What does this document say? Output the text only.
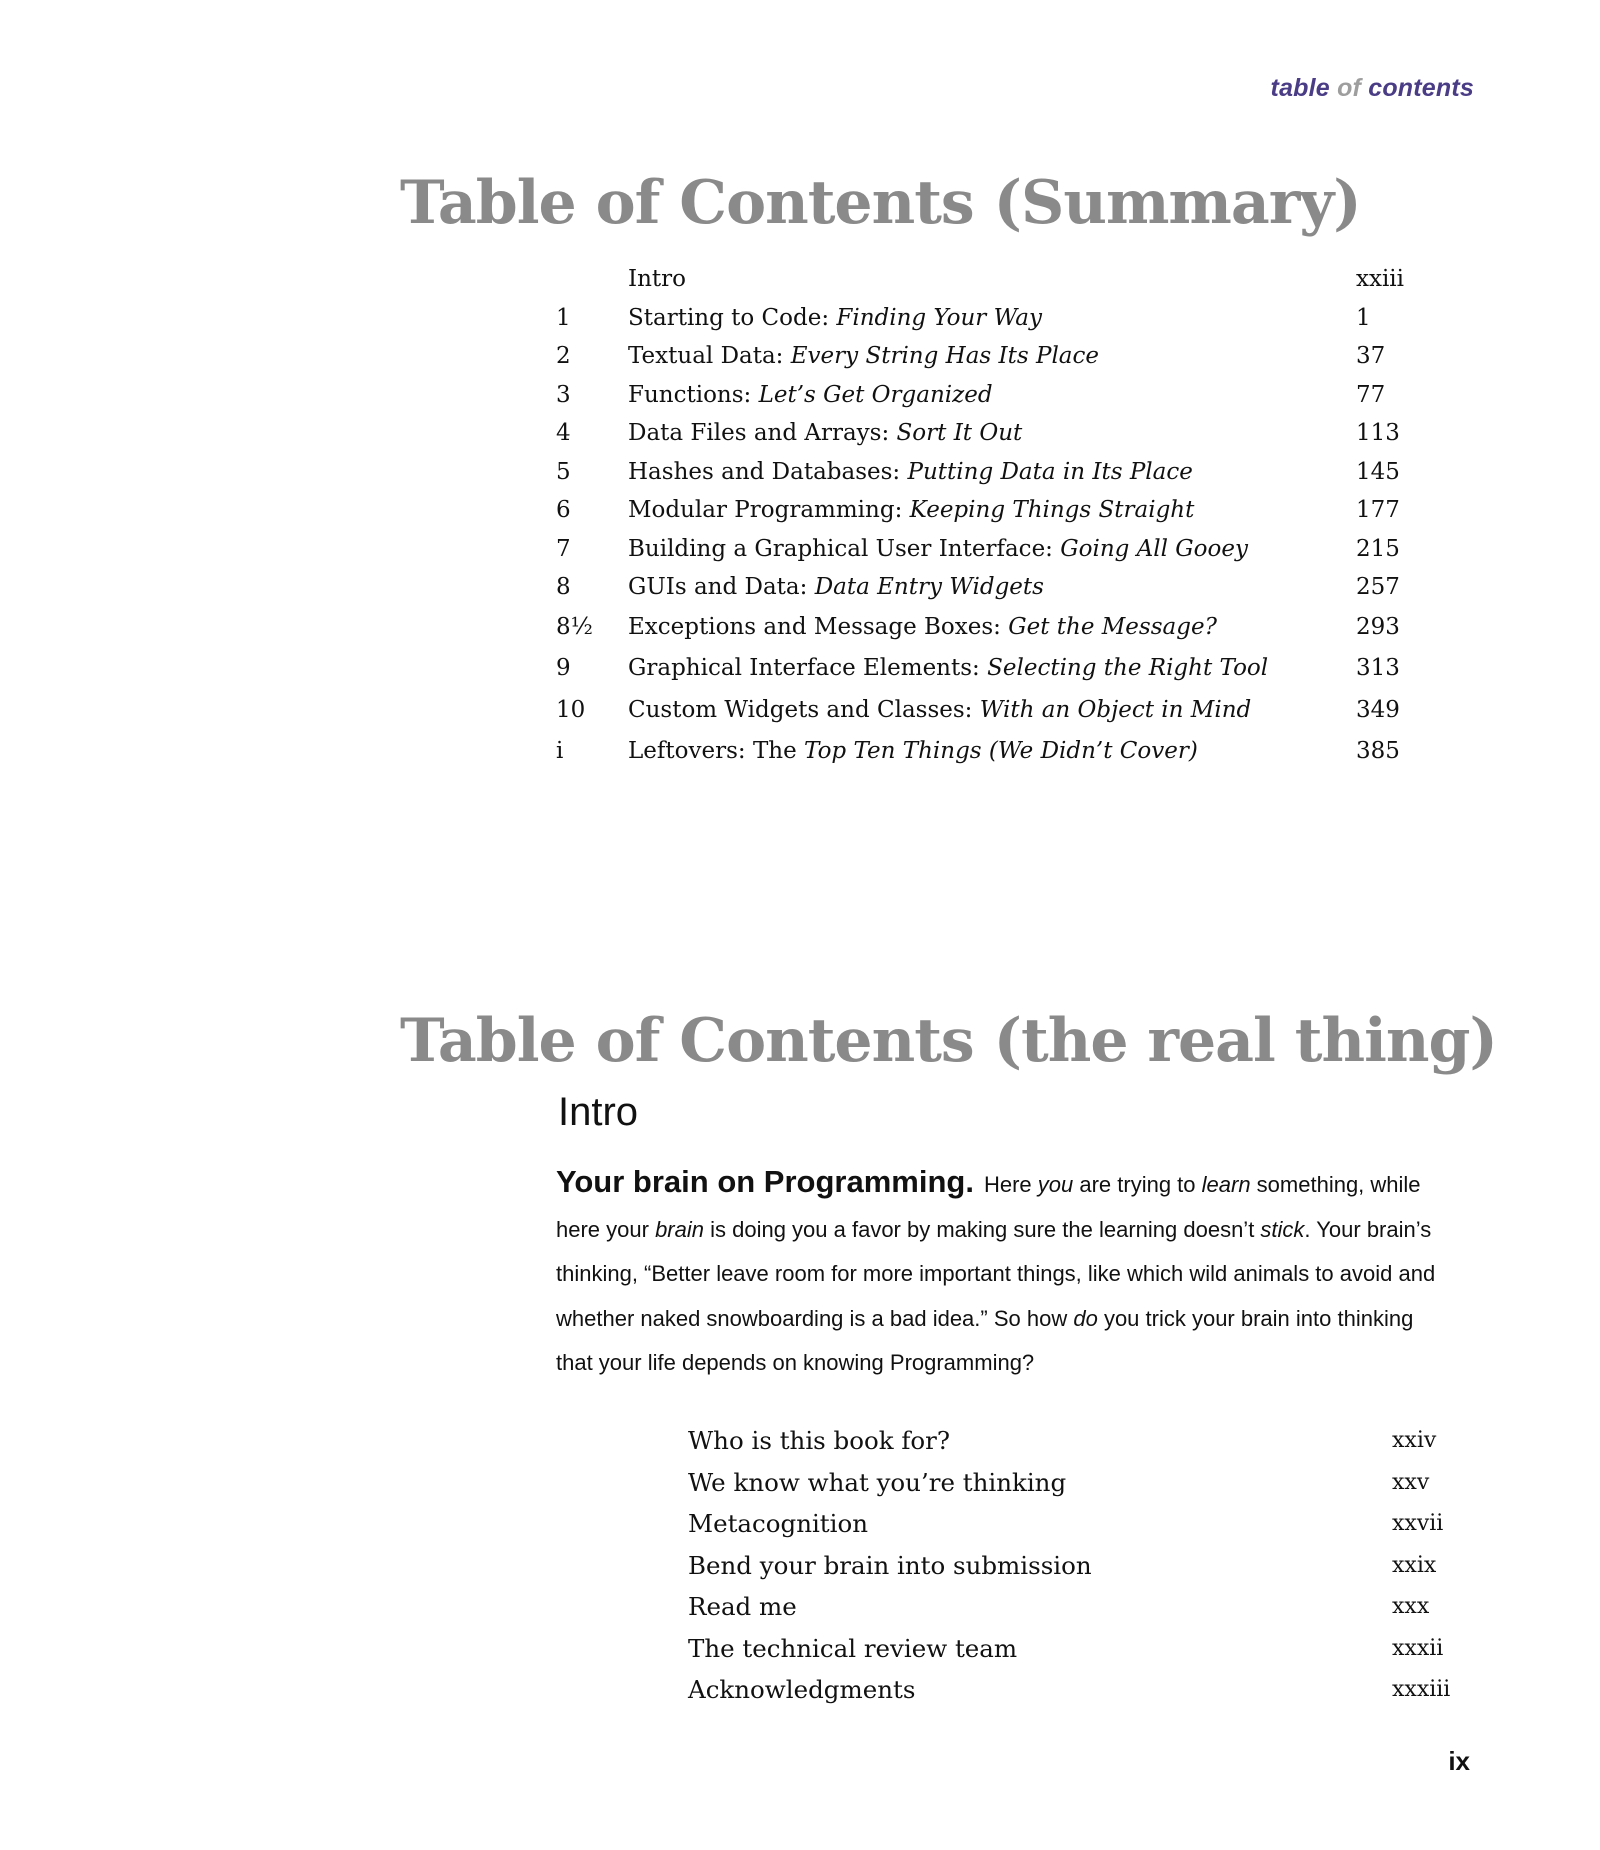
table of contents
Table of Contents (Summary)
Intro	xxiii
1 Starting to Code: Finding Your Way	1
2 Textual Data: Every String Has Its Place	37
3 Functions: Let’s Get Organized	77
4 Data Files and Arrays: Sort It Out	113
5 Hashes and Databases: Putting Data in Its Place	145
6 Modular Programming: Keeping Things Straight	177
7 Building a Graphical User Interface: Going All Gooey	215
8 GUIs and Data: Data Entry Widgets	257
8½ Exceptions and Message Boxes: Get the Message?	293
9 Graphical Interface Elements: Selecting the Right Tool	313
10 Custom Widgets and Classes: With an Object in Mind	349
i	Leftovers: The Top Ten Things (We Didn’t Cover)	385
Table of Contents (the real thing)
Intro

Your brain on Programming. Here you are trying to learn something, while here your brain is doing you a favor by making sure the learning doesn’t stick. Your brain’s thinking, “Better leave room for more important things, like which wild animals to avoid and whether naked snowboarding is a bad idea.” So how do you trick your brain into thinking that your life depends on knowing Programming?

Who is this book for?	xxiv
We know what you’re thinking	xxv
Metacognition	xxvii
Bend your brain into submission	xxix
Read me	xxx
The technical review team	xxxii
Acknowledgments	xxxiii
ix
